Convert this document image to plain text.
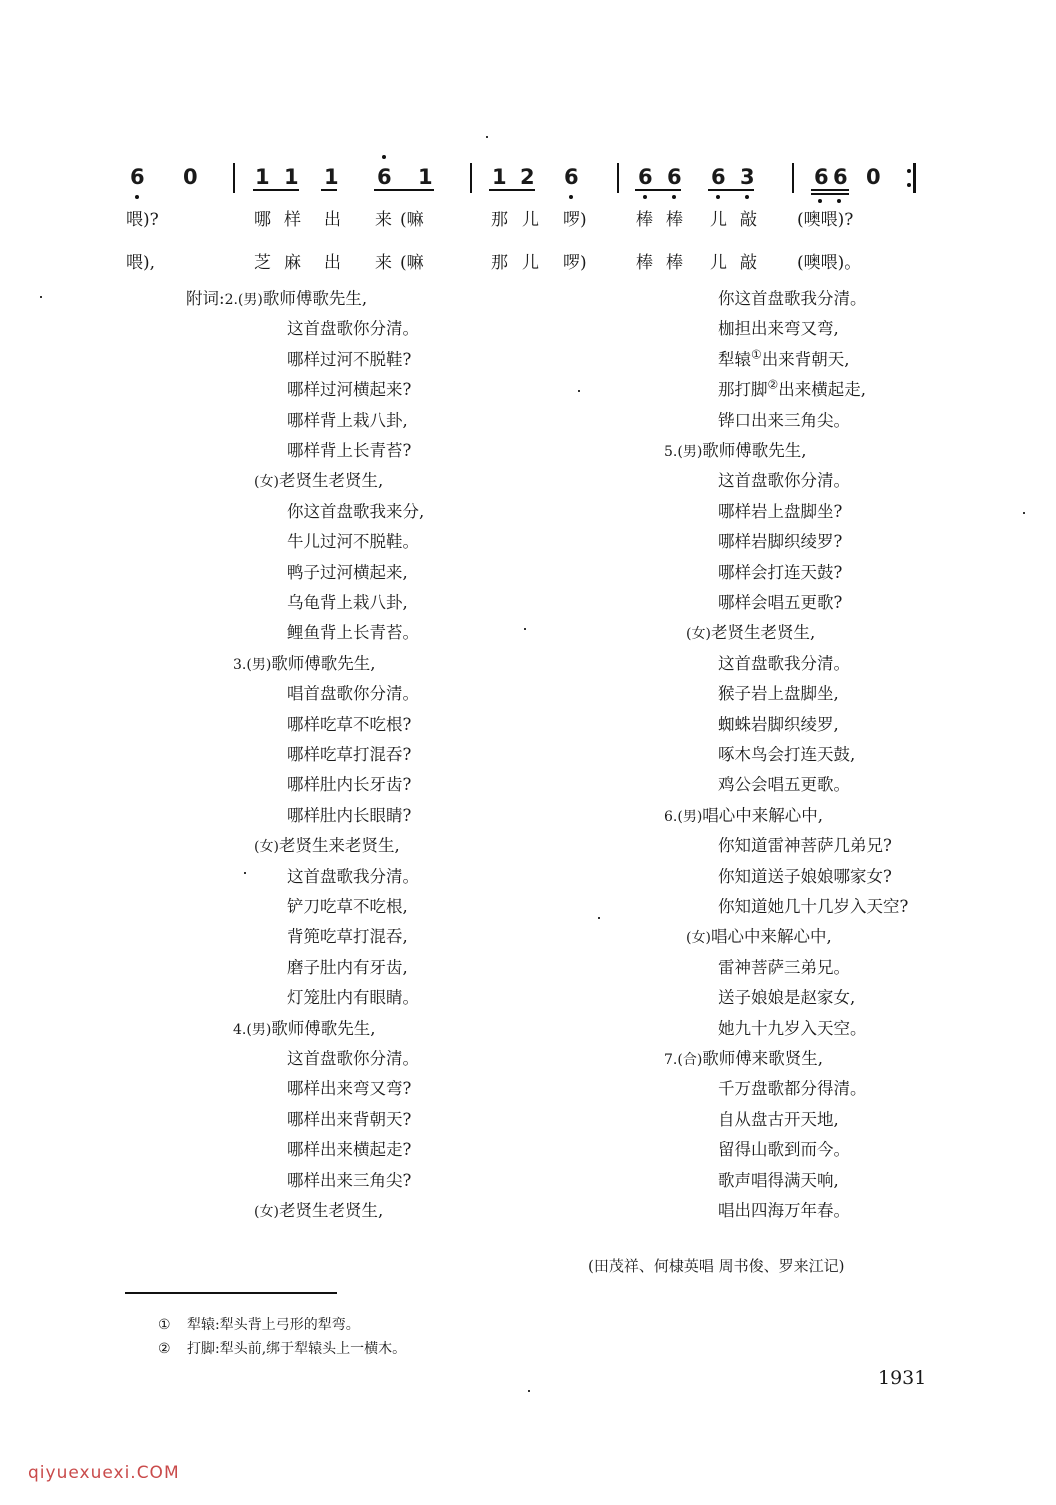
6

0

	1

1

1

6

1

	1

2

6

	6

6

6

3

	6

6

0

喂)?	哪 样 出 来 (嘛	那 儿 啰)	棒 棒 儿 敲 (噢喂)?
喂),	芝 麻 出 来 (嘛	那 儿 啰)	棒 棒 儿 敲 (噢喂)。
附词:2.(男)歌师傅歌先生,
这首盘歌你分清。
哪样过河不脱鞋?
哪样过河横起来?
哪样背上栽八卦,
哪样背上长青苔?
(女)老贤生老贤生,
你这首盘歌我来分,
牛儿过河不脱鞋。
鸭子过河横起来,
乌龟背上栽八卦,
鲤鱼背上长青苔。
3.(男)歌师傅歌先生,
唱首盘歌你分清。
哪样吃草不吃根?
哪样吃草打混吞?
哪样肚内长牙齿?
哪样肚内长眼睛?
(女)老贤生来老贤生,
这首盘歌我分清。
铲刀吃草不吃根,
背篼吃草打混吞,
磨子肚内有牙齿,
灯笼肚内有眼睛。
4.(男)歌师傅歌先生,
这首盘歌你分清。
哪样出来弯又弯?
哪样出来背朝天?
哪样出来横起走?
哪样出来三角尖?
(女)老贤生老贤生,
你这首盘歌我分清。
枷担出来弯又弯,
犁辕①出来背朝天,
那打脚②出来横起走,
铧口出来三角尖。
5.(男)歌师傅歌先生,
这首盘歌你分清。
哪样岩上盘脚坐?
哪样岩脚织绫罗?
哪样会打连天鼓?
哪样会唱五更歌?
(女)老贤生老贤生,
这首盘歌我分清。
猴子岩上盘脚坐,
蜘蛛岩脚织绫罗,
啄木鸟会打连天鼓,
鸡公会唱五更歌。
6.(男)唱心中来解心中,
你知道雷神菩萨几弟兄?
你知道送子娘娘哪家女?
你知道她几十几岁入天空?
(女)唱心中来解心中,
雷神菩萨三弟兄。
送子娘娘是赵家女,
她九十九岁入天空。
7.(合)歌师傅来歌贤生,
千万盘歌都分得清。
自从盘古开天地,
留得山歌到而今。
歌声唱得满天响,
唱出四海万年春。
(田茂祥、何棣英唱 周书俊、罗来江记)
① 犁辕:犁头背上弓形的犁弯。
② 打脚:犁头前,绑于犁辕头上一横木。
1931
qiyuexuexi.COM
